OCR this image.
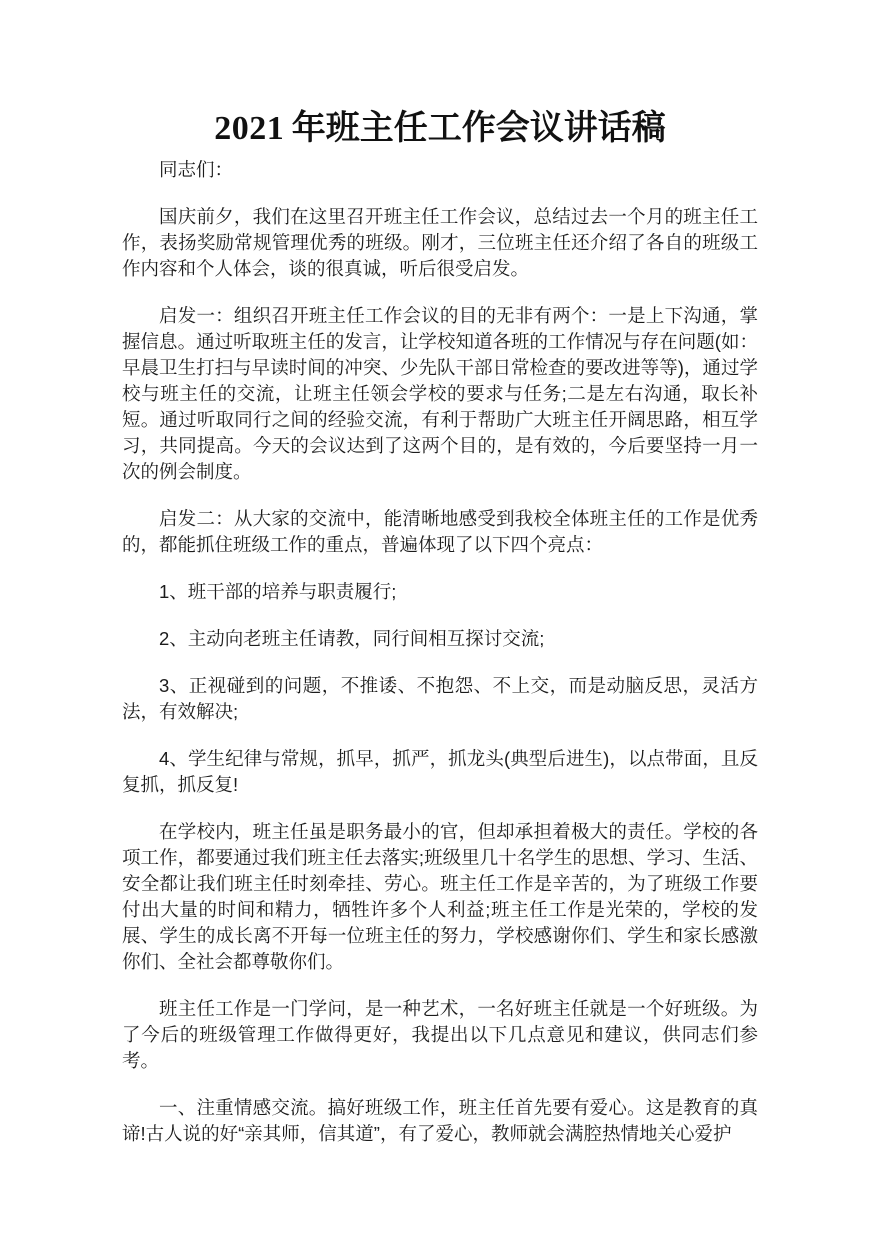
2021 年班主任工作会议讲话稿

同志们：

国庆前夕，我们在这里召开班主任工作会议，总结过去一个月的班主任工作，表扬奖励常规管理优秀的班级。刚才，三位班主任还介绍了各自的班级工作内容和个人体会，谈的很真诚，听后很受启发。

启发一：组织召开班主任工作会议的目的无非有两个：一是上下沟通，掌握信息。通过听取班主任的发言，让学校知道各班的工作情况与存在问题(如：早晨卫生打扫与早读时间的冲突、少先队干部日常检查的要改进等等)，通过学校与班主任的交流，让班主任领会学校的要求与任务;二是左右沟通，取长补短。通过听取同行之间的经验交流，有利于帮助广大班主任开阔思路，相互学习，共同提高。今天的会议达到了这两个目的，是有效的，今后要坚持一月一次的例会制度。

启发二：从大家的交流中，能清晰地感受到我校全体班主任的工作是优秀的，都能抓住班级工作的重点，普遍体现了以下四个亮点：

1、班干部的培养与职责履行;

2、主动向老班主任请教，同行间相互探讨交流;

3、正视碰到的问题，不推诿、不抱怨、不上交，而是动脑反思，灵活方法，有效解决;

4、学生纪律与常规，抓早，抓严，抓龙头(典型后进生)，以点带面，且反复抓，抓反复!

在学校内，班主任虽是职务最小的官，但却承担着极大的责任。学校的各项工作，都要通过我们班主任去落实;班级里几十名学生的思想、学习、生活、安全都让我们班主任时刻牵挂、劳心。班主任工作是辛苦的，为了班级工作要付出大量的时间和精力，牺牲许多个人利益;班主任工作是光荣的，学校的发展、学生的成长离不开每一位班主任的努力，学校感谢你们、学生和家长感激你们、全社会都尊敬你们。

班主任工作是一门学问，是一种艺术，一名好班主任就是一个好班级。为了今后的班级管理工作做得更好，我提出以下几点意见和建议，供同志们参考。

一、注重情感交流。搞好班级工作，班主任首先要有爱心。这是教育的真谛!古人说的好“亲其师，信其道”，有了爱心，教师就会满腔热情地关心爱护
